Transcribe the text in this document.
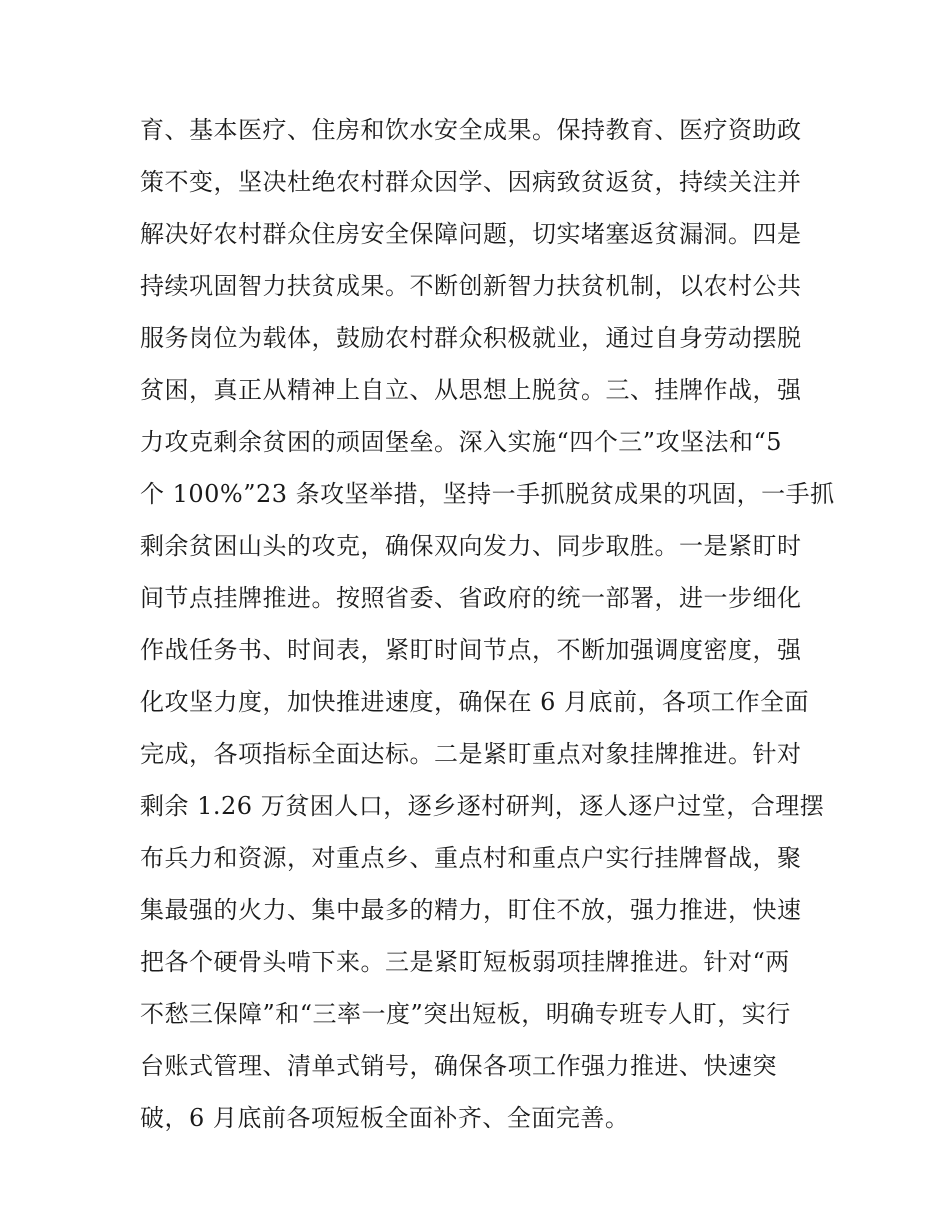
育、基本医疗、住房和饮水安全成果。保持教育、医疗资助政
策不变，坚决杜绝农村群众因学、因病致贫返贫，持续关注并
解决好农村群众住房安全保障问题，切实堵塞返贫漏洞。四是
持续巩固智力扶贫成果。不断创新智力扶贫机制，以农村公共
服务岗位为载体，鼓励农村群众积极就业，通过自身劳动摆脱
贫困，真正从精神上自立、从思想上脱贫。三、挂牌作战，强
力攻克剩余贫困的顽固堡垒。深入实施“四个三”攻坚法和“5
个 100%”23 条攻坚举措，坚持一手抓脱贫成果的巩固，一手抓
剩余贫困山头的攻克，确保双向发力、同步取胜。一是紧盯时
间节点挂牌推进。按照省委、省政府的统一部署，进一步细化
作战任务书、时间表，紧盯时间节点，不断加强调度密度，强
化攻坚力度，加快推进速度，确保在 6 月底前，各项工作全面
完成，各项指标全面达标。二是紧盯重点对象挂牌推进。针对
剩余 1.26 万贫困人口，逐乡逐村研判，逐人逐户过堂，合理摆
布兵力和资源，对重点乡、重点村和重点户实行挂牌督战，聚
集最强的火力、集中最多的精力，盯住不放，强力推进，快速
把各个硬骨头啃下来。三是紧盯短板弱项挂牌推进。针对“两
不愁三保障”和“三率一度”突出短板，明确专班专人盯，实行
台账式管理、清单式销号，确保各项工作强力推进、快速突
破，6 月底前各项短板全面补齐、全面完善。
